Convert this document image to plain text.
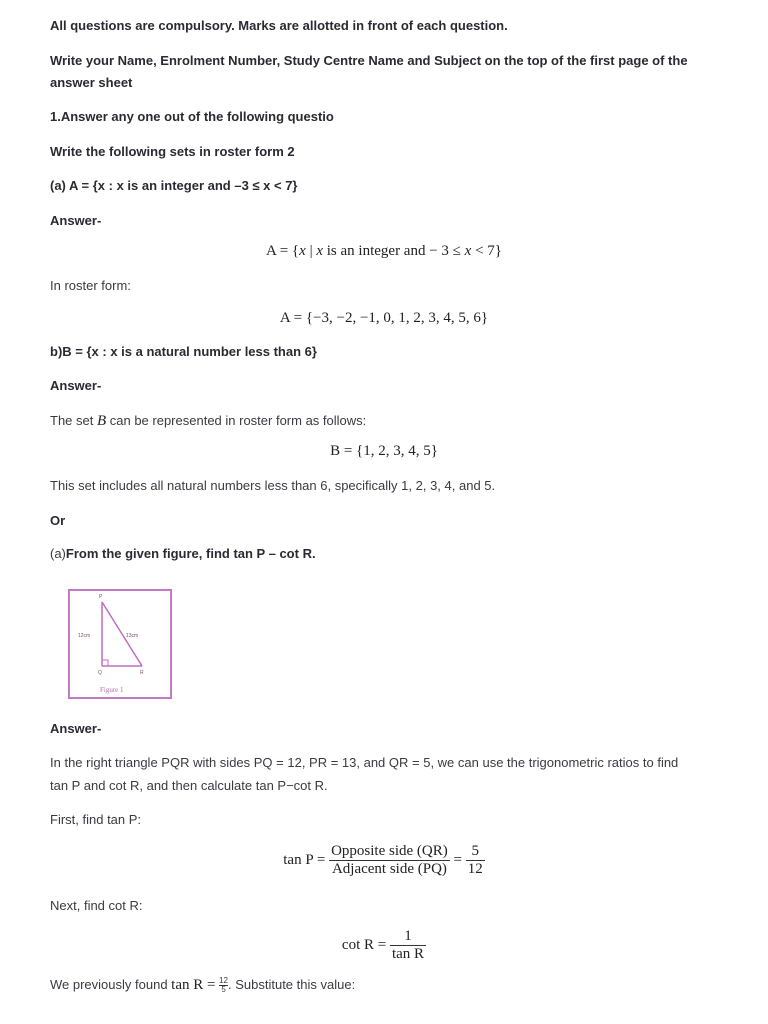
All questions are compulsory. Marks are allotted in front of each question.
Write your Name, Enrolment Number, Study Centre Name and Subject on the top of the first page of the
answer sheet
1.Answer any one out of the following questio
Write the following sets in roster form 2
(a) A = {x : x is an integer and –3 ≤ x < 7}
Answer-
A = {x | x is an integer and − 3 ≤ x < 7}
In roster form:
A = {−3, −2, −1, 0, 1, 2, 3, 4, 5, 6}
b)B = {x : x is a natural number less than 6}
Answer-
The set B can be represented in roster form as follows:
B = {1, 2, 3, 4, 5}
This set includes all natural numbers less than 6, specifically 1, 2, 3, 4, and 5.
Or
(a)From the given figure, find tan P – cot R.
P
Q	R
12cm	13cm
Figure 1
Answer-
In the right triangle PQR with sides PQ = 12, PR = 13, and QR = 5, we can use the trigonometric ratios to find
tan P and cot R, and then calculate tan P−cot R.
First, find tan P:
$\tan P = \frac{\text{Opposite side (QR)}}{\text{Adjacent side (PQ)}} = \frac{5}{12}$
Next, find cot R:
$\cot R = \frac{1}{\text{tan R}}$
We previously found $\tan R = \frac{12}{5}$ . Substitute this value:
